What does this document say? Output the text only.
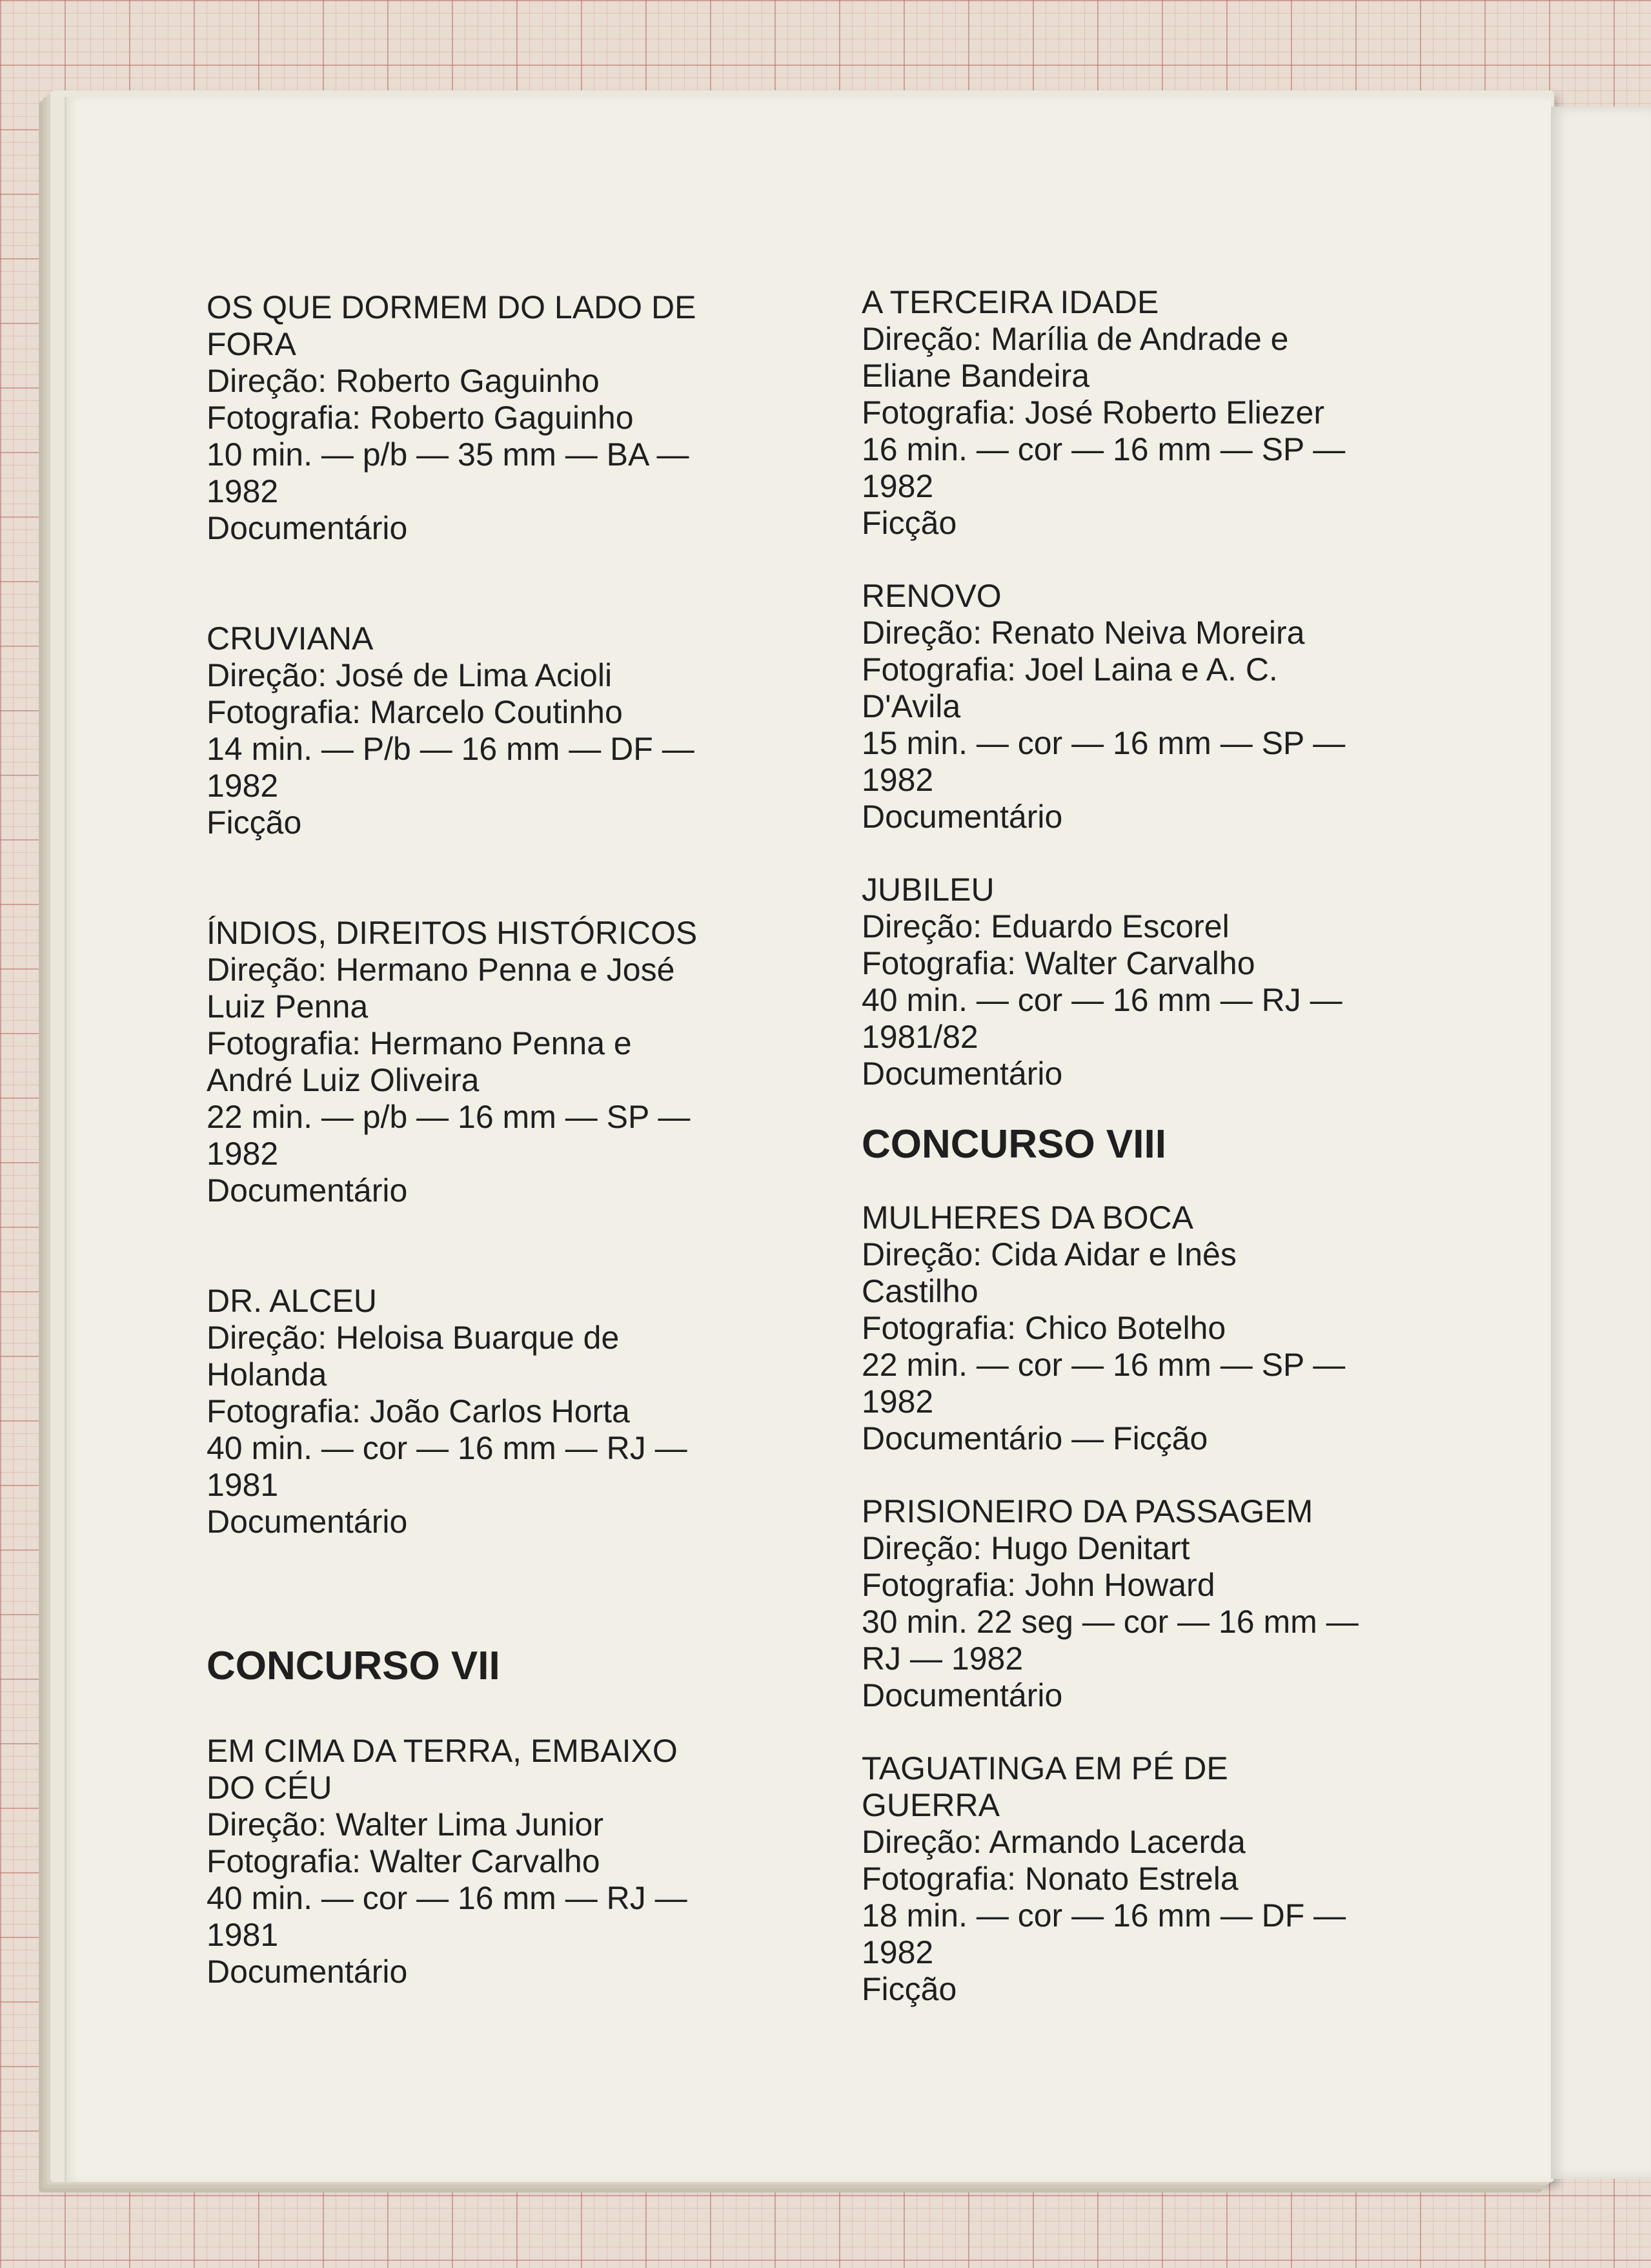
OS QUE DORMEM DO LADO DE

FORA

Direção: Roberto Gaguinho

Fotografia: Roberto Gaguinho

10 min. — p/b — 35 mm — BA —

1982

Documentário

CRUVIANA

Direção: José de Lima Acioli

Fotografia: Marcelo Coutinho

14 min. — P/b — 16 mm — DF —

1982

Ficção

ÍNDIOS, DIREITOS HISTÓRICOS

Direção: Hermano Penna e José

Luiz Penna

Fotografia: Hermano Penna e

André Luiz Oliveira

22 min. — p/b — 16 mm — SP —

1982

Documentário

DR. ALCEU

Direção: Heloisa Buarque de

Holanda

Fotografia: João Carlos Horta

40 min. — cor — 16 mm — RJ —

1981

Documentário

CONCURSO VII

EM CIMA DA TERRA, EMBAIXO

DO CÉU

Direção: Walter Lima Junior

Fotografia: Walter Carvalho

40 min. — cor — 16 mm — RJ —

1981

Documentário

A TERCEIRA IDADE

Direção: Marília de Andrade e

Eliane Bandeira

Fotografia: José Roberto Eliezer

16 min. — cor — 16 mm — SP —

1982

Ficção

RENOVO

Direção: Renato Neiva Moreira

Fotografia: Joel Laina e A. C.

D'Avila

15 min. — cor — 16 mm — SP —

1982

Documentário

JUBILEU

Direção: Eduardo Escorel

Fotografia: Walter Carvalho

40 min. — cor — 16 mm — RJ —

1981/82

Documentário

CONCURSO VIII

MULHERES DA BOCA

Direção: Cida Aidar e Inês

Castilho

Fotografia: Chico Botelho

22 min. — cor — 16 mm — SP —

1982

Documentário — Ficção

PRISIONEIRO DA PASSAGEM

Direção: Hugo Denitart

Fotografia: John Howard

30 min. 22 seg — cor — 16 mm —

RJ — 1982

Documentário

TAGUATINGA EM PÉ DE

GUERRA

Direção: Armando Lacerda

Fotografia: Nonato Estrela

18 min. — cor — 16 mm — DF —

1982

Ficção
